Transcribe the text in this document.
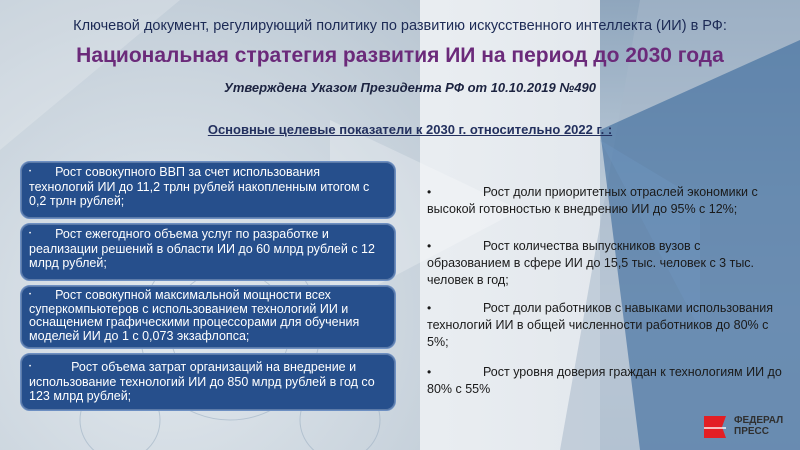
Ключевой документ, регулирующий политику по развитию искусственного интеллекта (ИИ) в РФ:
Национальная стратегия развития ИИ на период до 2030 года
Утверждена Указом Президента РФ от 10.10.2019 №490
Основные целевые показатели к 2030 г. относительно 2022 г. :
• Рост совокупного ВВП за счет использования технологий ИИ до 11,2 трлн рублей накопленным итогом с 0,2 трлн рублей;
• Рост ежегодного объема услуг по разработке и реализации решений в области ИИ до 60 млрд рублей с 12 млрд рублей;
• Рост совокупной максимальной мощности всех суперкомпьютеров с использованием технологий ИИ и оснащением графическими процессорами для обучения моделей ИИ до 1 с 0,073 экзафлопса;
•	Рост объема затрат организаций на внедрение и использование технологий ИИ до 850 млрд рублей в год со 123 млрд рублей;
•	Рост доли приоритетных отраслей экономики с высокой готовностью к внедрению ИИ до 95% с 12%;
•	Рост количества выпускников вузов с образованием в сфере ИИ до 15,5 тыс. человек с 3 тыс. человек в год;
•	Рост доли работников с навыками использования технологий ИИ в общей численности работников до 80% с 5%;
•	Рост уровня доверия граждан к технологиям ИИ до 80% с 55%
ФЕДЕРАЛ
ПРЕСС
